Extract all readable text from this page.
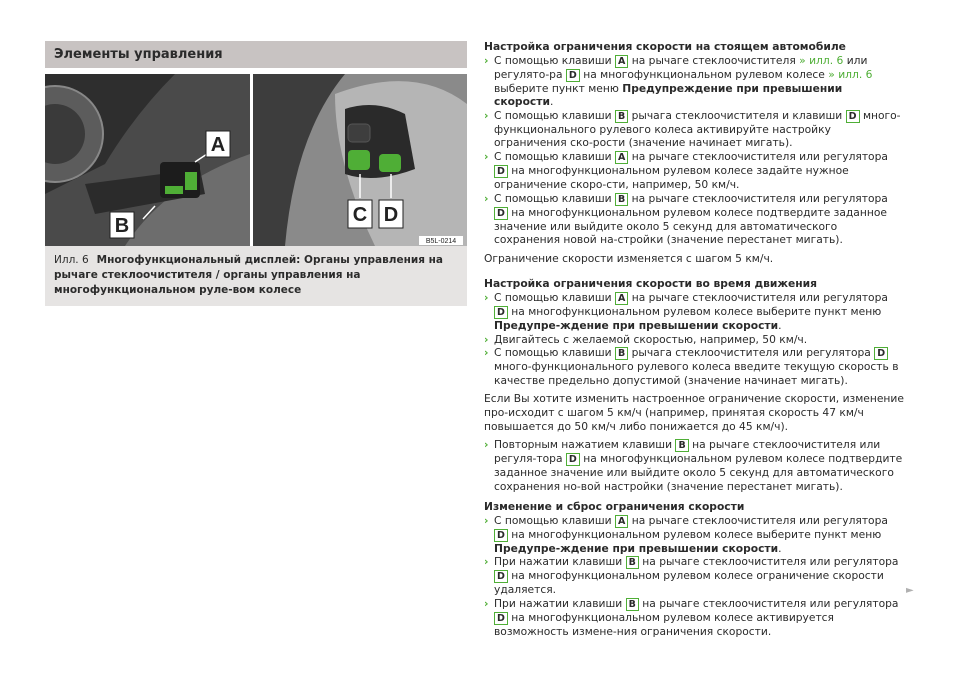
Элементы управления
A
B	C D
B5L-0214
Илл. 6 Многофункциональный дисплей: Органы управления на рычаге стеклоочистителя / органы управления на многофункциональном руле-вом колесе
Настройка ограничения скорости на стоящем автомобиле
› С помощью клавиши A на рычаге стеклоочистителя » илл. 6 или регулято-ра D на многофункциональном рулевом колесе » илл. 6 выберите пункт меню Предупреждение при превышении скорости.
› С помощью клавиши B рычага стеклоочистителя и клавиши D много-функционального рулевого колеса активируйте настройку ограничения ско-рости (значение начинает мигать).
› С помощью клавиши A на рычаге стеклоочистителя или регулятора D на многофункциональном рулевом колесе задайте нужное ограничение скоро-сти, например, 50 км/ч.
› С помощью клавиши B на рычаге стеклоочистителя или регулятора D на многофункциональном рулевом колесе подтвердите заданное значение или выйдите около 5 секунд для автоматического сохранения новой на-стройки (значение перестанет мигать).

Ограничение скорости изменяется с шагом 5 км/ч.

Настройка ограничения скорости во время движения
› С помощью клавиши A на рычаге стеклоочистителя или регулятора D на многофункциональном рулевом колесе выберите пункт меню Предупре-ждение при превышении скорости.
› Двигайтесь с желаемой скоростью, например, 50 км/ч.
› С помощью клавиши B рычага стеклоочистителя или регулятора D много-функционального рулевого колеса введите текущую скорость в качестве предельно допустимой (значение начинает мигать).

Если Вы хотите изменить настроенное ограничение скорости, изменение про-исходит с шагом 5 км/ч (например, принятая скорость 47 км/ч повышается до 50 км/ч либо понижается до 45 км/ч).

› Повторным нажатием клавиши B на рычаге стеклоочистителя или регуля-тора D на многофункциональном рулевом колесе подтвердите заданное значение или выйдите около 5 секунд для автоматического сохранения но-вой настройки (значение перестанет мигать).
Изменение и сброс ограничения скорости
› С помощью клавиши A на рычаге стеклоочистителя или регулятора D на многофункциональном рулевом колесе выберите пункт меню Предупре-ждение при превышении скорости.
› При нажатии клавиши B на рычаге стеклоочистителя или регулятора D на многофункциональном рулевом колесе ограничение скорости удаляется.
› При нажатии клавиши B на рычаге стеклоочистителя или регулятора D на многофункциональном рулевом колесе активируется возможность измене-ния ограничения скорости.
►
